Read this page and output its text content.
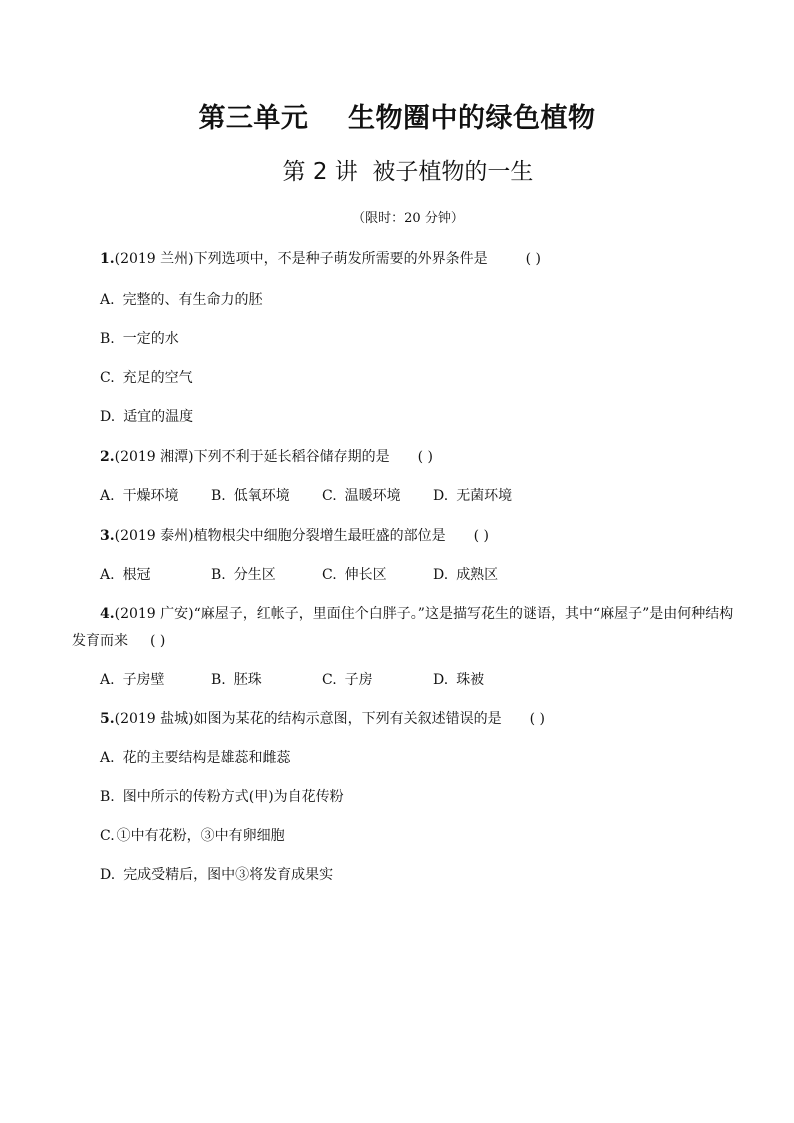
第三单元    生物圈中的绿色植物
第 2 讲  被子植物的一生
（限时：20 分钟）
1.(2019 兰州)下列选项中，不是种子萌发所需要的外界条件是	( )
A. 完整的、有生命力的胚
B. 一定的水
C. 充足的空气
D. 适宜的温度
2.(2019 湘潭)下列不利于延长稻谷储存期的是 ( )
A. 干燥环境 B. 低氧环境 C. 温暖环境 D. 无菌环境
3.(2019 泰州)植物根尖中细胞分裂增生最旺盛的部位是 ( )
A. 根冠	B. 分生区	C. 伸长区	D. 成熟区
4.(2019 广安)“麻屋子，红帐子，里面住个白胖子。”这是描写花生的谜语，其中“麻屋子”是由何种结构
发育而来 ( )
A. 子房壁	B. 胚珠	C. 子房	D. 珠被
5.(2019 盐城)如图为某花的结构示意图，下列有关叙述错误的是 ( )
A. 花的主要结构是雄蕊和雌蕊
B. 图中所示的传粉方式(甲)为自花传粉
C. ①中有花粉，③中有卵细胞
D. 完成受精后，图中③将发育成果实
